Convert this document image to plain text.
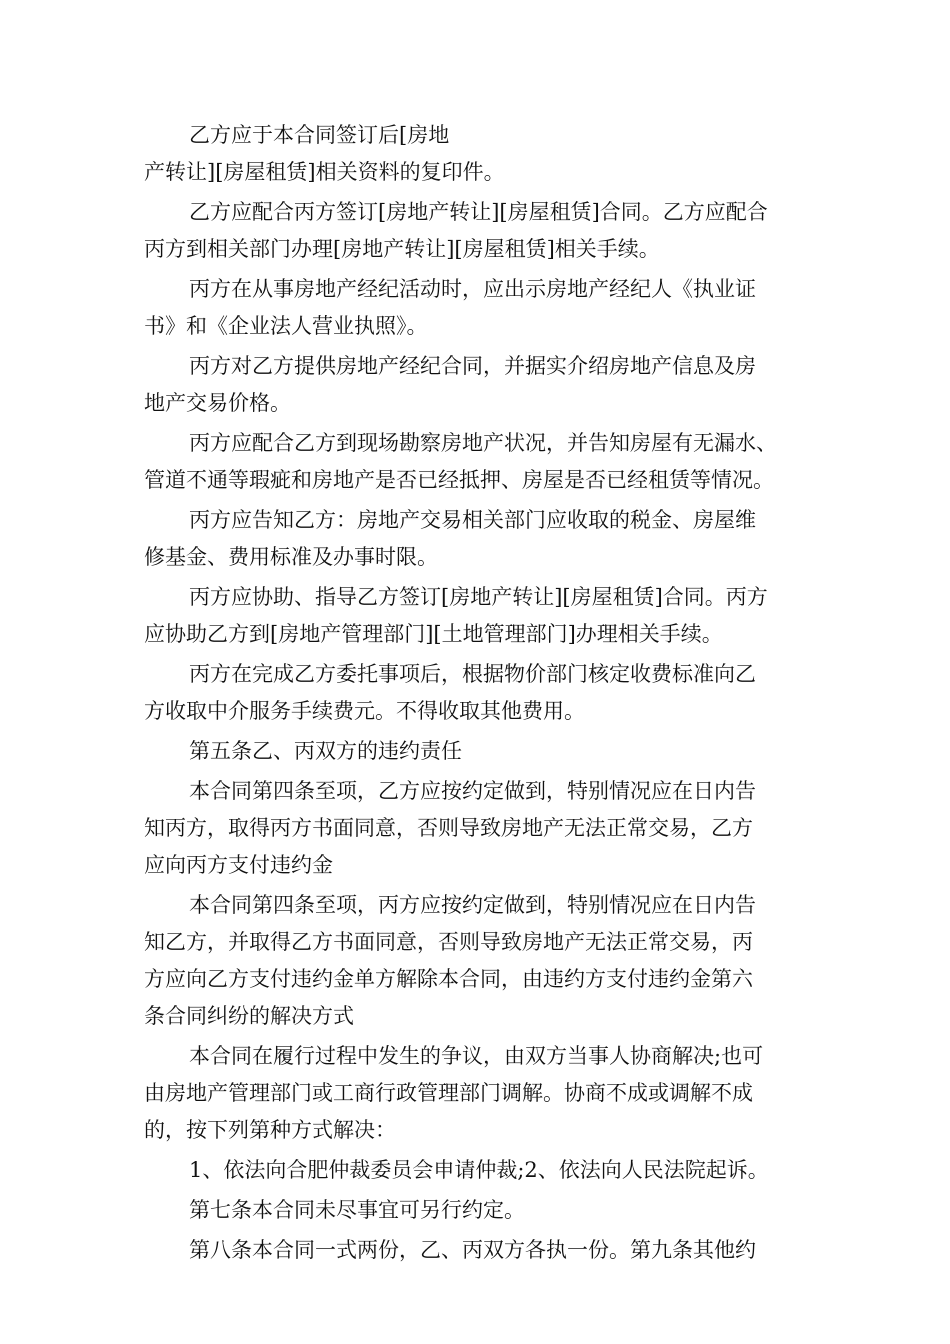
乙方应于本合同签订后[房地
产转让][房屋租赁]相关资料的复印件。
乙方应配合丙方签订[房地产转让][房屋租赁]合同。乙方应配合
丙方到相关部门办理[房地产转让][房屋租赁]相关手续。
丙方在从事房地产经纪活动时，应出示房地产经纪人《执业证
书》和《企业法人营业执照》。
丙方对乙方提供房地产经纪合同，并据实介绍房地产信息及房
地产交易价格。
丙方应配合乙方到现场勘察房地产状况，并告知房屋有无漏水、
管道不通等瑕疵和房地产是否已经抵押、房屋是否已经租赁等情况。
丙方应告知乙方：房地产交易相关部门应收取的税金、房屋维
修基金、费用标准及办事时限。
丙方应协助、指导乙方签订[房地产转让][房屋租赁]合同。丙方
应协助乙方到[房地产管理部门][土地管理部门]办理相关手续。
丙方在完成乙方委托事项后，根据物价部门核定收费标准向乙
方收取中介服务手续费元。不得收取其他费用。
第五条乙、丙双方的违约责任
本合同第四条至项，乙方应按约定做到，特别情况应在日内告
知丙方，取得丙方书面同意，否则导致房地产无法正常交易，乙方
应向丙方支付违约金
本合同第四条至项，丙方应按约定做到，特别情况应在日内告
知乙方，并取得乙方书面同意，否则导致房地产无法正常交易，丙
方应向乙方支付违约金单方解除本合同，由违约方支付违约金第六
条合同纠纷的解决方式
本合同在履行过程中发生的争议，由双方当事人协商解决;也可
由房地产管理部门或工商行政管理部门调解。协商不成或调解不成
的，按下列第种方式解决：
1、依法向合肥仲裁委员会申请仲裁;2、依法向人民法院起诉。
第七条本合同未尽事宜可另行约定。
第八条本合同一式两份，乙、丙双方各执一份。第九条其他约
